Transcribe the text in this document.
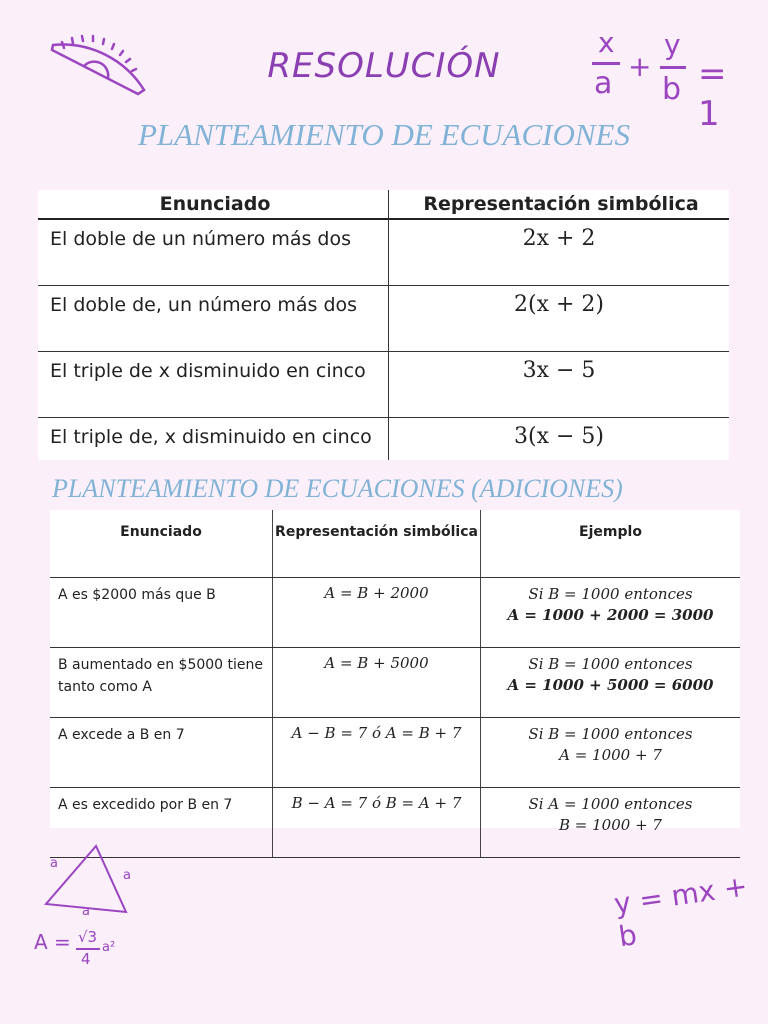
x
a +
y
b = 1
RESOLUCIÓN
PLANTEAMIENTO DE ECUACIONES
Enunciado	Representación simbólica
El doble de un número más dos	2x + 2
El doble de, un número más dos	2(x + 2)
El triple de x disminuido en cinco	3x − 5
El triple de, x disminuido en cinco	3(x − 5)
PLANTEAMIENTO DE ECUACIONES (ADICIONES)
Enunciado	Representación simbólica	Ejemplo
A es $2000 más que B	A = B + 2000	Si B = 1000 entonces
A = 1000 + 2000 = 3000

B aumentado en $5000 tiene tanto como A	A = B + 5000	Si B = 1000 entonces
A = 1000 + 5000 = 6000

A excede a B en 7	A − B = 7 ó A = B + 7	Si B = 1000 entonces
A = 1000 + 7

A es excedido por B en 7	B − A = 7 ó B = A + 7	Si A = 1000 entonces
B = 1000 + 7
a
a
a
A = √3
4
a²
y = mx + b
